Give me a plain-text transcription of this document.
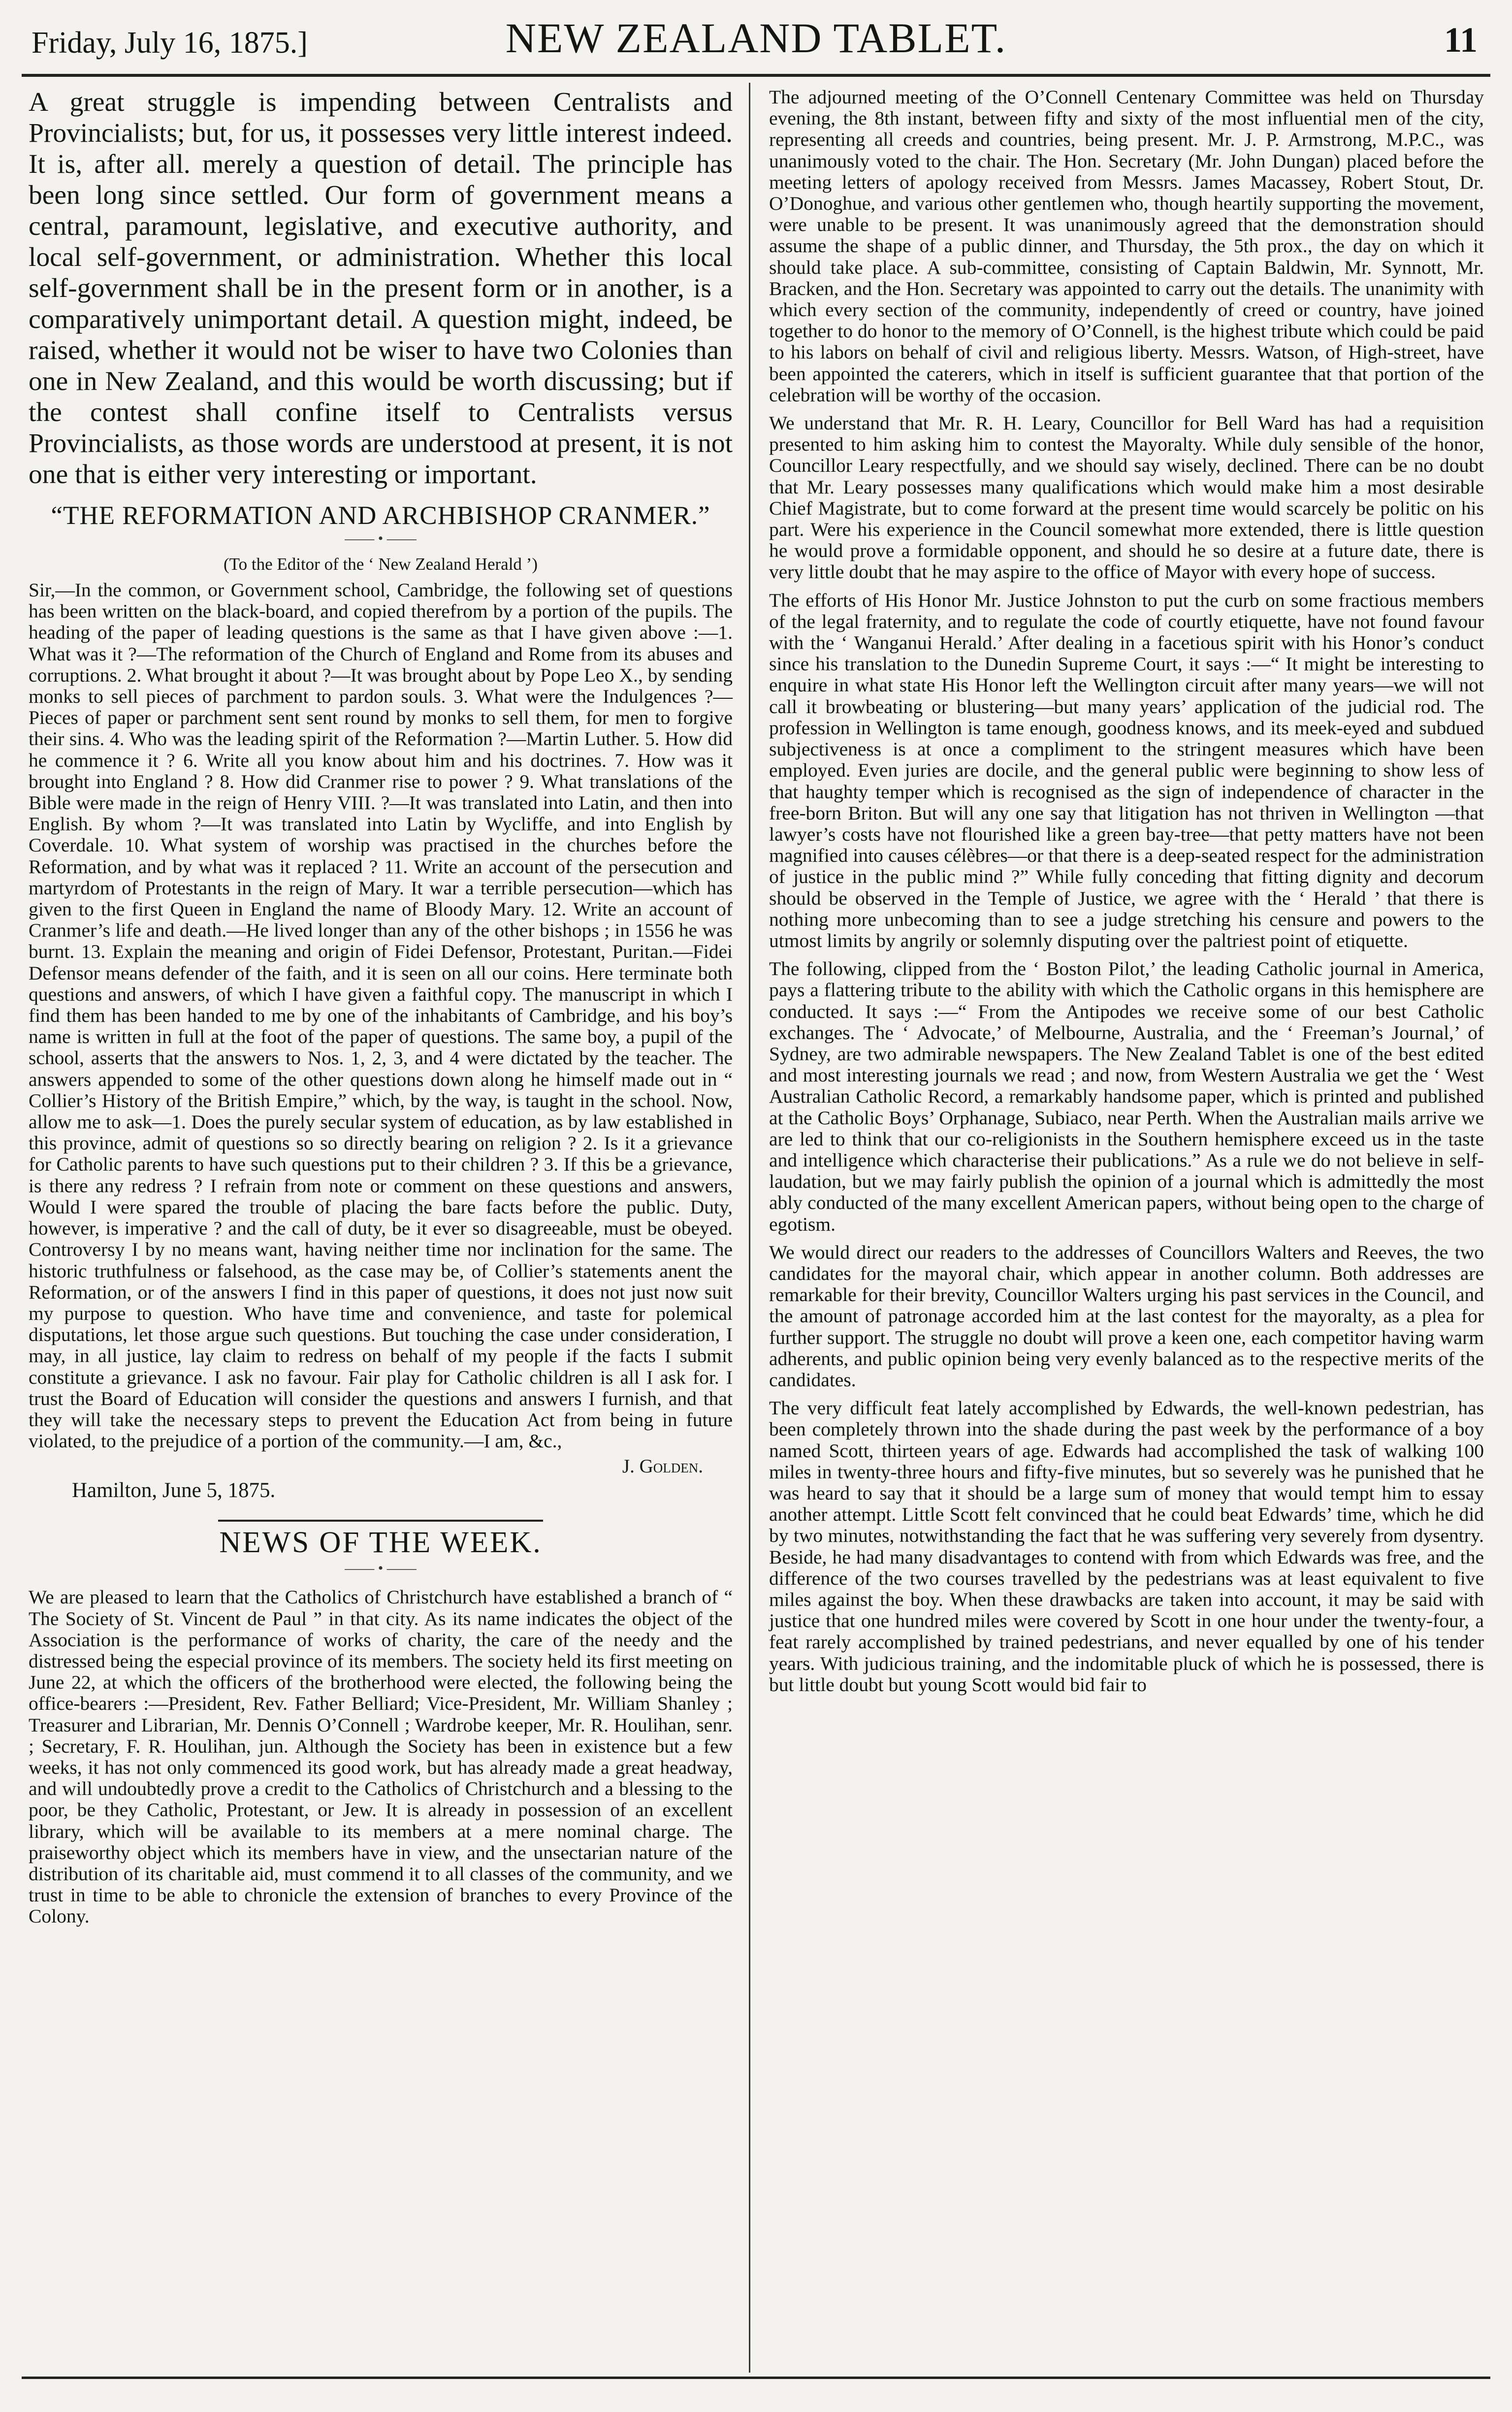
Friday, July 16, 1875.]	NEW ZEALAND TABLET.	11

A great struggle is impending between Centralists and Provincialists; but, for us, it possesses very little interest indeed. It is, after all. merely a question of detail. The principle has been long since settled. Our form of government means a central, paramount, legislative, and executive authority, and local self-government, or administration. Whether this local self-government shall be in the present form or in another, is a comparatively unimportant detail. A question might, indeed, be raised, whether it would not be wiser to have two Colonies than one in New Zealand, and this would be worth discussing; but if the contest shall confine itself to Centralists versus Provincialists, as those words are understood at present, it is not one that is either very interesting or important.

“THE REFORMATION AND ARCHBISHOP CRANMER.”
—— • ——
(To the Editor of the ‘ New Zealand Herald ’)

Sir,—In the common, or Government school, Cambridge, the following set of questions has been written on the black-board, and copied therefrom by a portion of the pupils. The heading of the paper of leading questions is the same as that I have given above :—1. What was it ?—The reformation of the Church of England and Rome from its abuses and corruptions. 2. What brought it about ?—It was brought about by Pope Leo X., by sending monks to sell pieces of parchment to pardon souls. 3. What were the Indulgences ?—Pieces of paper or parchment sent sent round by monks to sell them, for men to forgive their sins. 4. Who was the leading spirit of the Reformation ?—Martin Luther. 5. How did he commence it ? 6. Write all you know about him and his doctrines. 7. How was it brought into England ? 8. How did Cranmer rise to power ? 9. What translations of the Bible were made in the reign of Henry VIII. ?—It was translated into Latin, and then into English. By whom ?—It was translated into Latin by Wycliffe, and into English by Coverdale. 10. What system of worship was practised in the churches before the Reformation, and by what was it replaced ? 11. Write an account of the persecution and martyrdom of Protestants in the reign of Mary. It war a terrible persecution—which has given to the first Queen in England the name of Bloody Mary. 12. Write an account of Cranmer’s life and death.—He lived longer than any of the other bishops ; in 1556 he was burnt. 13. Explain the meaning and origin of Fidei Defensor, Protestant, Puritan.—Fidei Defensor means defender of the faith, and it is seen on all our coins. Here terminate both questions and answers, of which I have given a faithful copy. The manuscript in which I find them has been handed to me by one of the inhabitants of Cambridge, and his boy’s name is written in full at the foot of the paper of questions. The same boy, a pupil of the school, asserts that the answers to Nos. 1, 2, 3, and 4 were dictated by the teacher. The answers appended to some of the other questions down along he himself made out in “ Collier’s History of the British Empire,” which, by the way, is taught in the school. Now, allow me to ask—1. Does the purely secular system of education, as by law established in this province, admit of questions so so directly bearing on religion ? 2. Is it a grievance for Catholic parents to have such questions put to their children ? 3. If this be a grievance, is there any redress ? I refrain from note or comment on these questions and answers, Would I were spared the trouble of placing the bare facts before the public. Duty, however, is imperative ? and the call of duty, be it ever so disagreeable, must be obeyed. Controversy I by no means want, having neither time nor inclination for the same. The historic truthfulness or falsehood, as the case may be, of Collier’s statements anent the Reformation, or of the answers I find in this paper of questions, it does not just now suit my purpose to question. Who have time and convenience, and taste for polemical disputations, let those argue such questions. But touching the case under consideration, I may, in all justice, lay claim to redress on behalf of my people if the facts I submit constitute a grievance. I ask no favour. Fair play for Catholic children is all I ask for. I trust the Board of Education will consider the questions and answers I furnish, and that they will take the necessary steps to prevent the Education Act from being in future violated, to the prejudice of a portion of the community.—I am, &c.,

J. Golden.
Hamilton, June 5, 1875.
NEWS OF THE WEEK.
—— • ——

We are pleased to learn that the Catholics of Christchurch have established a branch of “ The Society of St. Vincent de Paul ” in that city. As its name indicates the object of the Association is the performance of works of charity, the care of the needy and the distressed being the especial province of its members. The society held its first meeting on June 22, at which the officers of the brotherhood were elected, the following being the office-bearers :—President, Rev. Father Belliard; Vice-President, Mr. William Shanley ; Treasurer and Librarian, Mr. Dennis O’Connell ; Wardrobe keeper, Mr. R. Houlihan, senr. ; Secretary, F. R. Houlihan, jun. Although the Society has been in existence but a few weeks, it has not only commenced its good work, but has already made a great headway, and will undoubtedly prove a credit to the Catholics of Christchurch and a blessing to the poor, be they Catholic, Protestant, or Jew. It is already in possession of an excellent library, which will be available to its members at a mere nominal charge. The praiseworthy object which its members have in view, and the unsectarian nature of the distribution of its charitable aid, must commend it to all classes of the community, and we trust in time to be able to chronicle the extension of branches to every Province of the Colony.

The adjourned meeting of the O’Connell Centenary Committee was held on Thursday evening, the 8th instant, between fifty and sixty of the most influential men of the city, representing all creeds and countries, being present. Mr. J. P. Armstrong, M.P.C., was unanimously voted to the chair. The Hon. Secretary (Mr. John Dungan) placed before the meeting letters of apology received from Messrs. James Macassey, Robert Stout, Dr. O’Donoghue, and various other gentlemen who, though heartily supporting the movement, were unable to be present. It was unanimously agreed that the demonstration should assume the shape of a public dinner, and Thursday, the 5th prox., the day on which it should take place. A sub-committee, consisting of Captain Baldwin, Mr. Synnott, Mr. Bracken, and the Hon. Secretary was appointed to carry out the details. The unanimity with which every section of the community, independently of creed or country, have joined together to do honor to the memory of O’Connell, is the highest tribute which could be paid to his labors on behalf of civil and religious liberty. Messrs. Watson, of High-street, have been appointed the caterers, which in itself is sufficient guarantee that that portion of the celebration will be worthy of the occasion.

We understand that Mr. R. H. Leary, Councillor for Bell Ward has had a requisition presented to him asking him to contest the Mayoralty. While duly sensible of the honor, Councillor Leary respectfully, and we should say wisely, declined. There can be no doubt that Mr. Leary possesses many qualifications which would make him a most desirable Chief Magistrate, but to come forward at the present time would scarcely be politic on his part. Were his experience in the Council somewhat more extended, there is little question he would prove a formidable opponent, and should he so desire at a future date, there is very little doubt that he may aspire to the office of Mayor with every hope of success.

The efforts of His Honor Mr. Justice Johnston to put the curb on some fractious members of the legal fraternity, and to regulate the code of courtly etiquette, have not found favour with the ‘ Wanganui Herald.’ After dealing in a facetious spirit with his Honor’s conduct since his translation to the Dunedin Supreme Court, it says :—“ It might be interesting to enquire in what state His Honor left the Wellington circuit after many years—we will not call it browbeating or blustering—but many years’ application of the judicial rod. The profession in Wellington is tame enough, goodness knows, and its meek-eyed and subdued subjectiveness is at once a compliment to the stringent measures which have been employed. Even juries are docile, and the general public were beginning to show less of that haughty temper which is recognised as the sign of independence of character in the free-born Briton. But will any one say that litigation has not thriven in Wellington —that lawyer’s costs have not flourished like a green bay-tree—that petty matters have not been magnified into causes célèbres—or that there is a deep-seated respect for the administration of justice in the public mind ?” While fully conceding that fitting dignity and decorum should be observed in the Temple of Justice, we agree with the ‘ Herald ’ that there is nothing more unbecoming than to see a judge stretching his censure and powers to the utmost limits by angrily or solemnly disputing over the paltriest point of etiquette.

The following, clipped from the ‘ Boston Pilot,’ the leading Catholic journal in America, pays a flattering tribute to the ability with which the Catholic organs in this hemisphere are conducted. It says :—“ From the Antipodes we receive some of our best Catholic exchanges. The ‘ Advocate,’ of Melbourne, Australia, and the ‘ Freeman’s Journal,’ of Sydney, are two admirable newspapers. The New Zealand Tablet is one of the best edited and most interesting journals we read ; and now, from Western Australia we get the ‘ West Australian Catholic Record, a remarkably handsome paper, which is printed and published at the Catholic Boys’ Orphanage, Subiaco, near Perth. When the Australian mails arrive we are led to think that our co-religionists in the Southern hemisphere exceed us in the taste and intelligence which characterise their publications.” As a rule we do not believe in self-laudation, but we may fairly publish the opinion of a journal which is admittedly the most ably conducted of the many excellent American papers, without being open to the charge of egotism.

We would direct our readers to the addresses of Councillors Walters and Reeves, the two candidates for the mayoral chair, which appear in another column. Both addresses are remarkable for their brevity, Councillor Walters urging his past services in the Council, and the amount of patronage accorded him at the last contest for the mayoralty, as a plea for further support. The struggle no doubt will prove a keen one, each competitor having warm adherents, and public opinion being very evenly balanced as to the respective merits of the candidates.

The very difficult feat lately accomplished by Edwards, the well-known pedestrian, has been completely thrown into the shade during the past week by the performance of a boy named Scott, thirteen years of age. Edwards had accomplished the task of walking 100 miles in twenty-three hours and fifty-five minutes, but so severely was he punished that he was heard to say that it should be a large sum of money that would tempt him to essay another attempt. Little Scott felt convinced that he could beat Edwards’ time, which he did by two minutes, notwithstanding the fact that he was suffering very severely from dysentry. Beside, he had many disadvantages to contend with from which Edwards was free, and the difference of the two courses travelled by the pedestrians was at least equivalent to five miles against the boy. When these drawbacks are taken into account, it may be said with justice that one hundred miles were covered by Scott in one hour under the twenty-four, a feat rarely accomplished by trained pedestrians, and never equalled by one of his tender years. With judicious training, and the indomitable pluck of which he is possessed, there is but little doubt but young Scott would bid fair to
